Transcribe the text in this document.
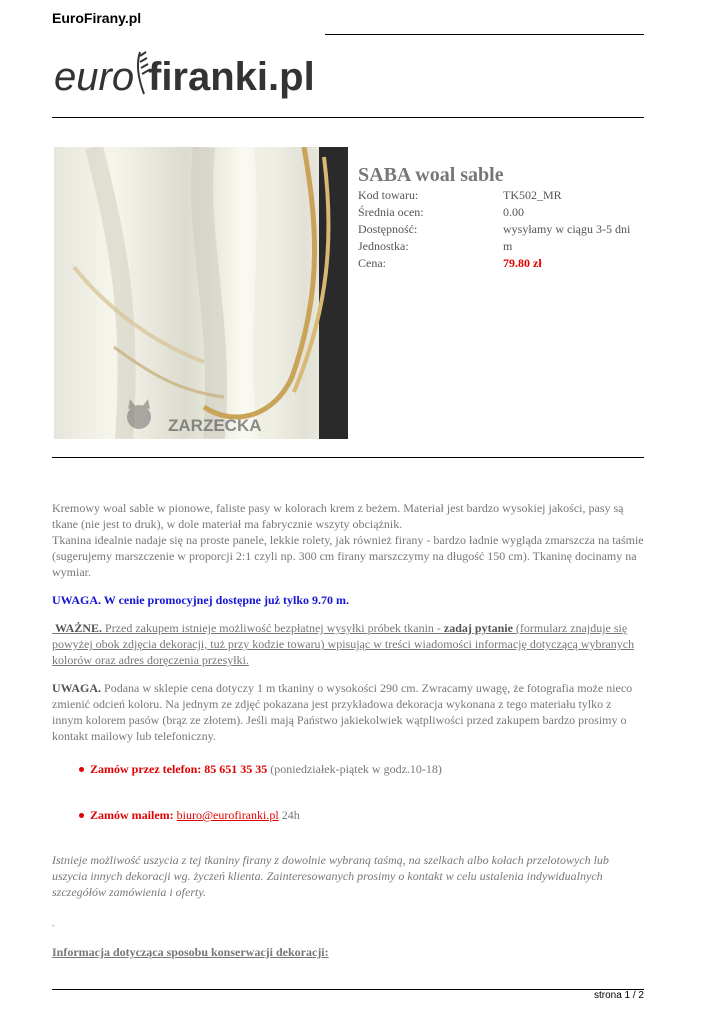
EuroFirany.pl
euro firanki.pl
ZARZECKA
SABA woal sable
Kod towaru:	TK502_MR
Średnia ocen:	0.00
Dostępność:	wysyłamy w ciągu 3-5 dni
Jednostka:	m
Cena:	79.80 zł

Kremowy woal sable w pionowe, faliste pasy w kolorach krem z beżem. Materiał jest bardzo wysokiej jakości, pasy są tkane (nie jest to druk), w dole materiał ma fabrycznie wszyty obciążnik.

Tkanina idealnie nadaje się na proste panele, lekkie rolety, jak również firany - bardzo ładnie wygląda zmarszcza na taśmie (sugerujemy marszczenie w proporcji 2:1 czyli np. 300 cm firany marszczymy na długość 150 cm). Tkaninę docinamy na wymiar.

UWAGA. W cenie promocyjnej dostępne już tylko 9.70 m.

WAŻNE. Przed zakupem istnieje możliwość bezpłatnej wysyłki próbek tkanin - zadaj pytanie (formularz znajduje się powyżej obok zdjęcia dekoracji, tuż przy kodzie towaru) wpisując w treści wiadomości informację dotyczącą wybranych kolorów oraz adres doręczenia przesyłki.

UWAGA. Podana w sklepie cena dotyczy 1 m tkaniny o wysokości 290 cm. Zwracamy uwagę, że fotografia może nieco zmienić odcień koloru. Na jednym ze zdjęć pokazana jest przykładowa dekoracja wykonana z tego materiału tylko z innym kolorem pasów (brąz ze złotem). Jeśli mają Państwo jakiekolwiek wątpliwości przed zakupem bardzo prosimy o kontakt mailowy lub telefoniczny.

Zamów przez telefon: 85 651 35 35 (poniedziałek-piątek w godz.10-18)
Zamów mailem: biuro@eurofiranki.pl 24h
Istnieje możliwość uszycia z tej tkaniny firany z dowolnie wybraną taśmą, na szelkach albo kołach przelotowych lub uszycia innych dekoracji wg. życzeń klienta. Zainteresowanych prosimy o kontakt w celu ustalenia indywidualnych szczegółów zamówienia i oferty.
-
Informacja dotycząca sposobu konserwacji dekoracji:
strona 1 / 2
